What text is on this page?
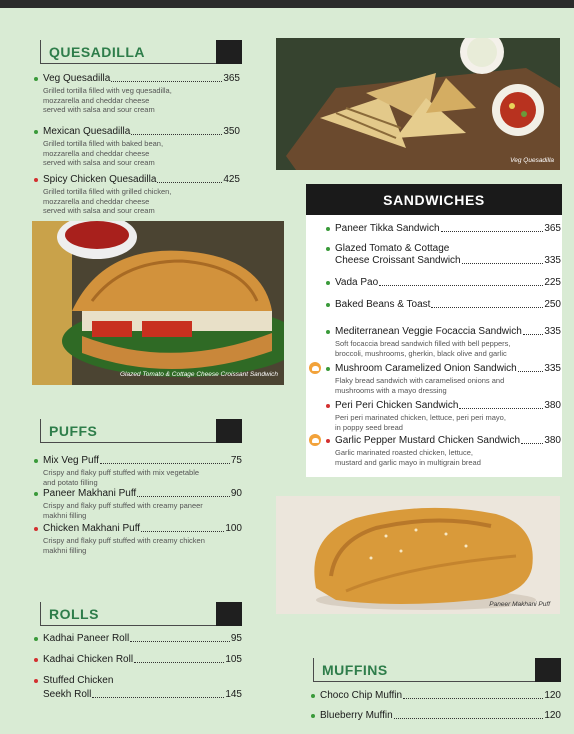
QUESADILLA
Veg Quesadilla	365
Grilled tortilla filled with veg quesadilla,
mozzarella and cheddar cheese
served with salsa and sour cream
Mexican Quesadilla	350
Grilled tortilla filled with baked bean,
mozzarella and cheddar cheese
served with salsa and sour cream
Spicy Chicken Quesadilla	425
Grilled tortilla filled with grilled chicken,
mozzarella and cheddar cheese
served with salsa and sour cream
Veg Quesadilla
Glazed Tomato & Cottage Cheese Croissant Sandwich
SANDWICHES
Paneer Tikka Sandwich	365
Glazed Tomato & Cottage
Cheese Croissant Sandwich	335
Vada Pao	225
Baked Beans & Toast	250
Mediterranean Veggie Focaccia Sandwich 335
Soft focaccia bread sandwich filled with bell peppers,
broccoli, mushrooms, gherkin, black olive and garlic
Mushroom Caramelized Onion Sandwich	335
Flaky bread sandwich with caramelised onions and
mushrooms with a mayo dressing
Peri Peri Chicken Sandwich	380
Peri peri marinated chicken, lettuce, peri peri mayo,
in poppy seed bread
Garlic Pepper Mustard Chicken Sandwich 380
Garlic marinated roasted chicken, lettuce,
mustard and garlic mayo in multigrain bread
PUFFS
Mix Veg Puff	75
Crispy and flaky puff stuffed with mix vegetable
and potato filling
Paneer Makhani Puff	90
Crispy and flaky puff stuffed with creamy paneer
makhni filling
Chicken Makhani Puff	100
Crispy and flaky puff stuffed with creamy chicken
makhni filling
Paneer Makhani Puff
ROLLS
Kadhai Paneer Roll	95
Kadhai Chicken Roll	105
Stuffed Chicken
Seekh Roll	145
MUFFINS
Choco Chip Muffin	120
Blueberry Muffin	120
